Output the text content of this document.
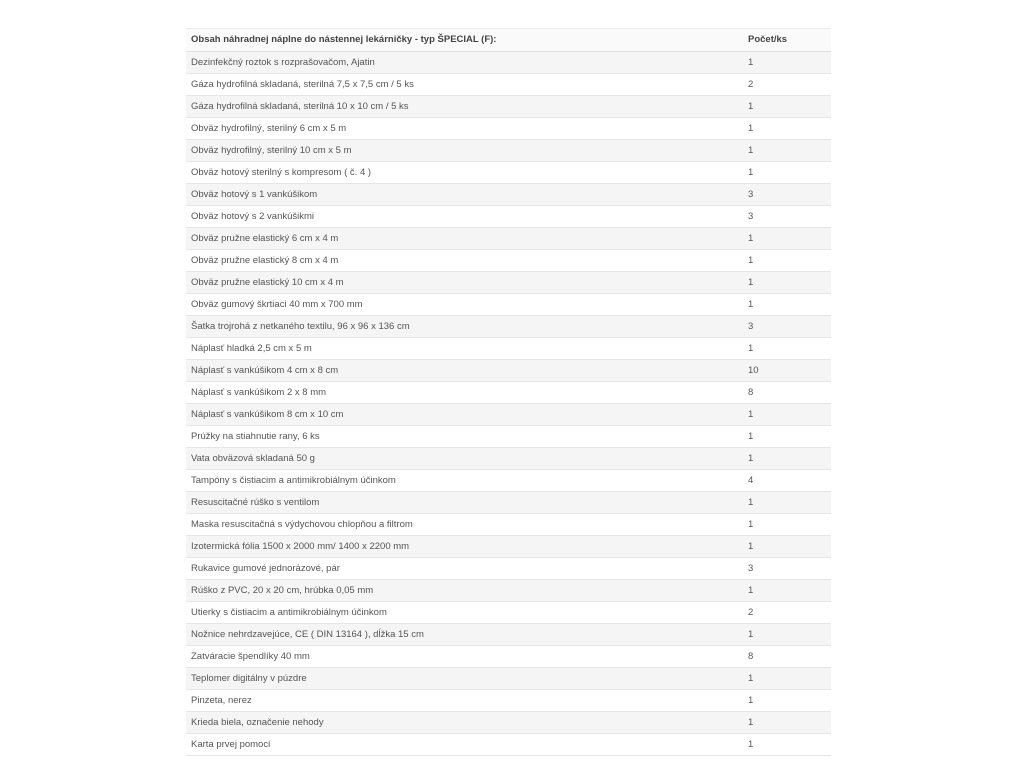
Obsah náhradnej náplne do nástennej lekárničky - typ ŠPECIAL (F):	Počet/ks
Dezinfekčný roztok s rozprašovačom, Ajatin	1
Gáza hydrofilná skladaná, sterilná 7,5 x 7,5 cm / 5 ks	2
Gáza hydrofilná skladaná, sterilná 10 x 10 cm / 5 ks	1
Obväz hydrofilný, sterilný 6 cm x 5 m	1
Obväz hydrofilný, sterilný 10 cm x 5 m	1
Obväz hotový sterilný s kompresom ( č. 4 )	1
Obväz hotový s 1 vankúšikom	3
Obväz hotový s 2 vankúšikmi	3
Obväz pružne elastický 6 cm x 4 m	1
Obväz pružne elastický 8 cm x 4 m	1
Obväz pružne elastický 10 cm x 4 m	1
Obväz gumový škrtiaci 40 mm x 700 mm	1
Šatka trojrohá z netkaného textilu, 96 x 96 x 136 cm	3
Náplasť hladká 2,5 cm x 5 m	1
Náplasť s vankúšikom 4 cm x 8 cm	10
Náplasť s vankúšikom 2 x 8 mm	8
Náplasť s vankúšikom 8 cm x 10 cm	1
Prúžky na stiahnutie rany, 6 ks	1
Vata obväzová skladaná 50 g	1
Tampóny s čistiacim a antimikrobiálnym účinkom	4
Resuscitačné rúško s ventilom	1
Maska resuscitačná s výdychovou chlopňou a filtrom	1
Izotermická fólia 1500 x 2000 mm/ 1400 x 2200 mm	1
Rukavice gumové jednorázové, pár	3
Rúško z PVC, 20 x 20 cm, hrúbka 0,05 mm	1
Utierky s čistiacim a antimikrobiálnym účinkom	2
Nožnice nehrdzavejúce, CE ( DIN 13164 ), dĺžka 15 cm	1
Zatváracie špendlíky 40 mm	8
Teplomer digitálny v púzdre	1
Pinzeta, nerez	1
Krieda biela, označenie nehody	1
Karta prvej pomoci	1
